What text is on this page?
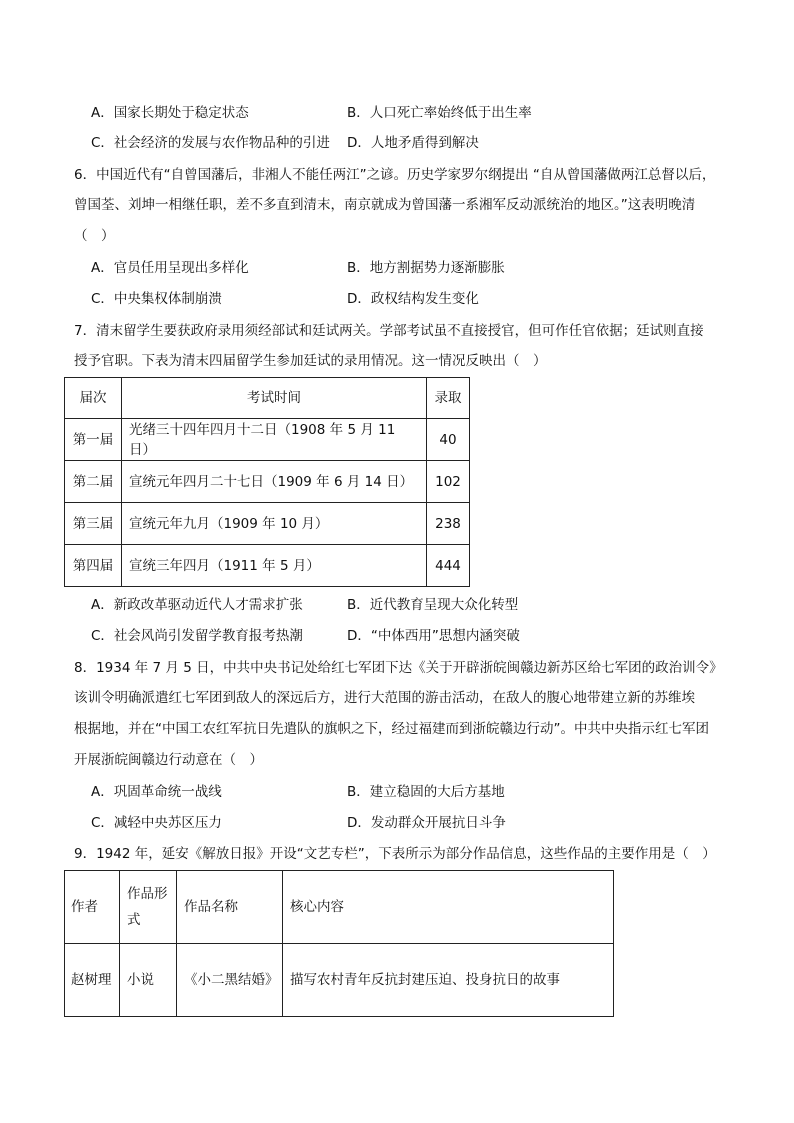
A．国家长期处于稳定状态	B．人口死亡率始终低于出生率
C．社会经济的发展与农作物品种的引进 D．人地矛盾得到解决
6．中国近代有“自曾国藩后，非湘人不能任两江”之谚。历史学家罗尔纲提出 “自从曾国藩做两江总督以后，
曾国荃、刘坤一相继任职，差不多直到清末，南京就成为曾国藩一系湘军反动派统治的地区。”这表明晚清
（　）
A．官员任用呈现出多样化	B．地方割据势力逐渐膨胀
C．中央集权体制崩溃	D．政权结构发生变化
7．清末留学生要获政府录用须经部试和廷试两关。学部考试虽不直接授官，但可作任官依据；廷试则直接
授予官职。下表为清末四届留学生参加廷试的录用情况。这一情况反映出（　）
届次	考试时间	录取
第一届	光绪三十四年四月十二日（1908 年 5 月 11 日）	40
第二届	宣统元年四月二十七日（1909 年 6 月 14 日）	102
第三届	宣统元年九月（1909 年 10 月）	238
第四届	宣统三年四月（1911 年 5 月）	444
A．新政改革驱动近代人才需求扩张	B．近代教育呈现大众化转型
C．社会风尚引发留学教育报考热潮	D．“中体西用”思想内涵突破
8．1934 年 7 月 5 日，中共中央书记处给红七军团下达《关于开辟浙皖闽赣边新苏区给七军团的政治训令》
该训令明确派遣红七军团到敌人的深远后方，进行大范围的游击活动，在敌人的腹心地带建立新的苏维埃
根据地，并在“中国工农红军抗日先遣队的旗帜之下，经过福建而到浙皖赣边行动”。中共中央指示红七军团
开展浙皖闽赣边行动意在（　）
A．巩固革命统一战线	B．建立稳固的大后方基地
C．减轻中央苏区压力	D．发动群众开展抗日斗争
9．1942 年，延安《解放日报》开设“文艺专栏”，下表所示为部分作品信息，这些作品的主要作用是（　）
作者	作品形式	作品名称	核心内容
赵树理	小说	《小二黑结婚》	描写农村青年反抗封建压迫、投身抗日的故事
